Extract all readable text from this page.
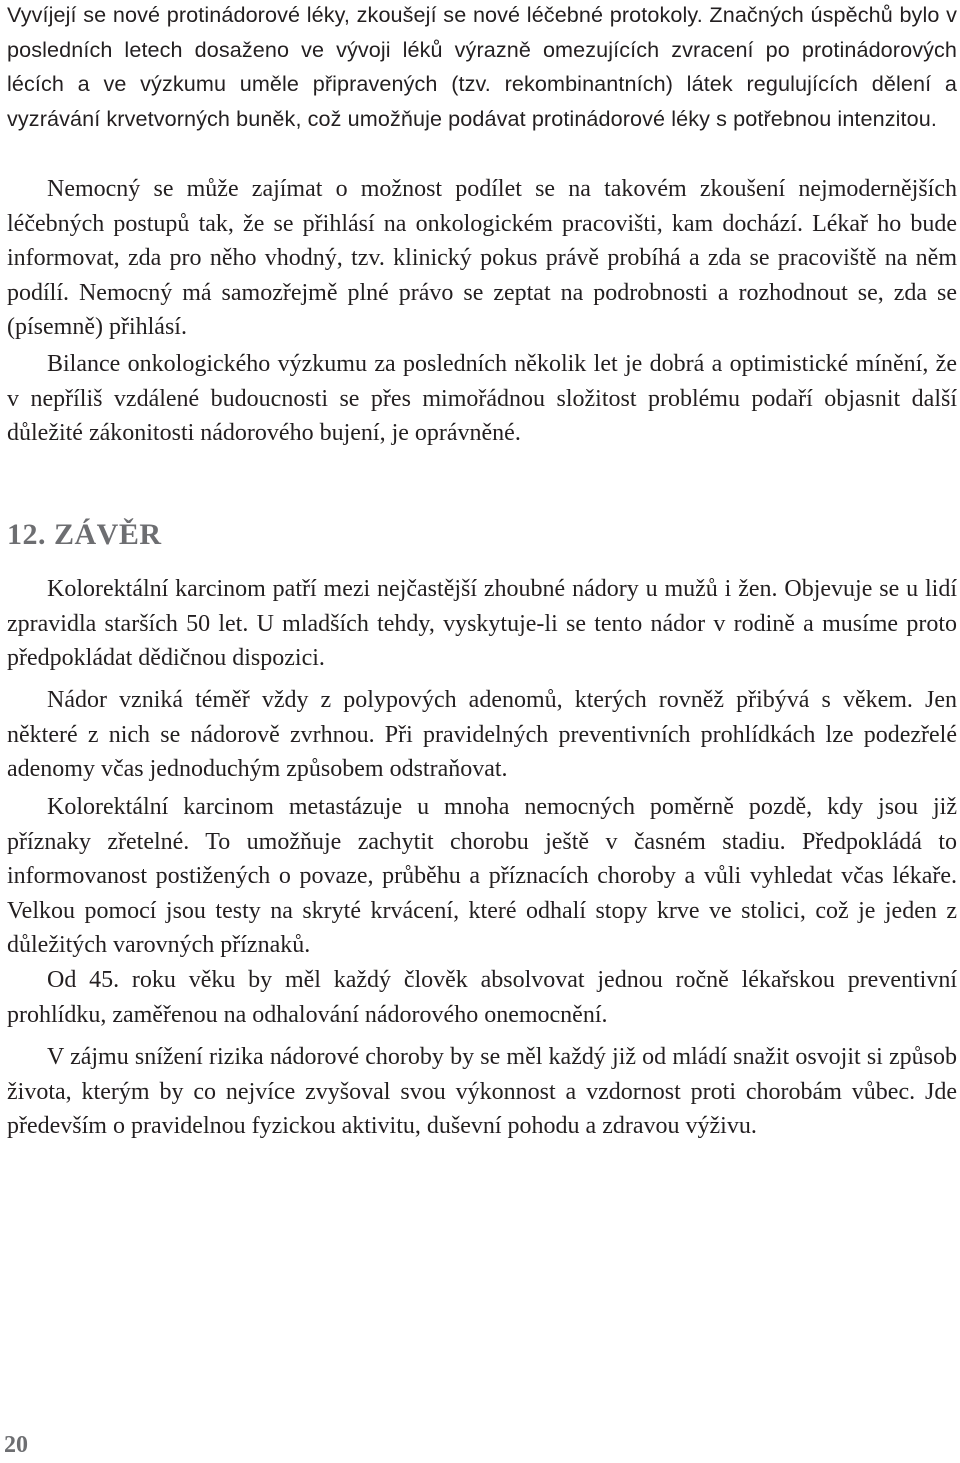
Vyvíjejí se nové protinádorové léky, zkoušejí se nové léčebné protokoly. Značných úspěchů bylo v posledních letech dosaženo ve vývoji léků výrazně omezujících zvracení po protinádorových lécích a ve výzkumu uměle připravených (tzv. rekombinantních) látek regulujících dělení a vyzrávání krvetvorných buněk, což umožňuje podávat protinádorové léky s potřebnou intenzitou.

Nemocný se může zajímat o možnost podílet se na takovém zkoušení nejmodernějších léčebných postupů tak, že se přihlásí na onkologickém pracovišti, kam dochází. Lékař ho bude informovat, zda pro něho vhodný, tzv. klinický pokus právě probíhá a zda se pracoviště na něm podílí. Nemocný má samozřejmě plné právo se zeptat na podrobnosti a rozhodnout se, zda se (písemně) přihlásí.

Bilance onkologického výzkumu za posledních několik let je dobrá a optimistické mínění, že v nepříliš vzdálené budoucnosti se přes mimořádnou složitost problému podaří objasnit další důležité zákonitosti nádorového bujení, je oprávněné.

12. ZÁVĚR

Kolorektální karcinom patří mezi nejčastější zhoubné nádory u mužů i žen. Objevuje se u lidí zpravidla starších 50 let. U mladších tehdy, vyskytuje-li se tento nádor v rodině a musíme proto předpokládat dědičnou dispozici.

Nádor vzniká téměř vždy z polypových adenomů, kterých rovněž přibývá s věkem. Jen některé z nich se nádorově zvrhnou. Při pravidelných preventivních prohlídkách lze podezřelé adenomy včas jednoduchým způsobem odstraňovat.

Kolorektální karcinom metastázuje u mnoha nemocných poměrně pozdě, kdy jsou již příznaky zřetelné. To umožňuje zachytit chorobu ještě v časném stadiu. Předpokládá to informovanost postižených o povaze, průběhu a příznacích choroby a vůli vyhledat včas lékaře. Velkou pomocí jsou testy na skryté krvácení, které odhalí stopy krve ve stolici, což je jeden z důležitých varovných příznaků.

Od 45. roku věku by měl každý člověk absolvovat jednou ročně lékařskou preventivní prohlídku, zaměřenou na odhalování nádorového onemocnění.

V zájmu snížení rizika nádorové choroby by se měl každý již od mládí snažit osvojit si způsob života, kterým by co nejvíce zvyšoval svou výkonnost a vzdornost proti chorobám vůbec. Jde především o pravidelnou fyzickou aktivitu, duševní pohodu a zdravou výživu.

20
